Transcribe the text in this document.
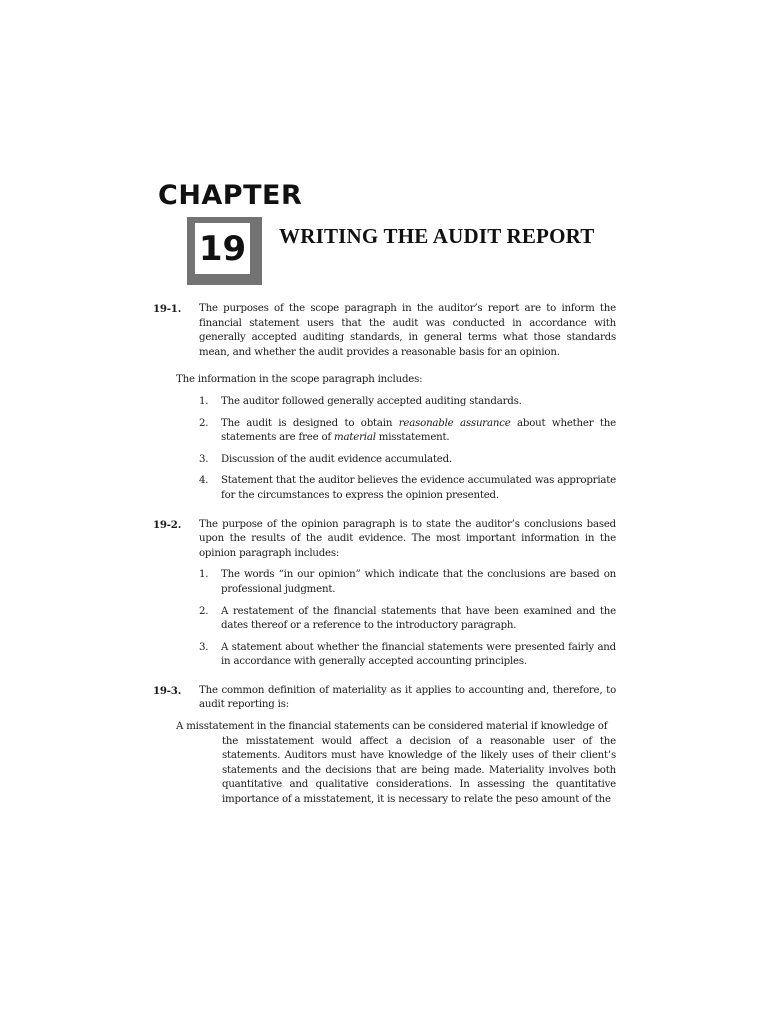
CHAPTER
19 WRITING THE AUDIT REPORT
19-1. The purposes of the scope paragraph in the auditor’s report are to inform the financial statement users that the audit was conducted in accordance with generally accepted auditing standards, in general terms what those standards mean, and whether the audit provides a reasonable basis for an opinion.

The information in the scope paragraph includes:

1. The auditor followed generally accepted auditing standards.
2. The audit is designed to obtain reasonable assurance about whether the statements are free of material misstatement.
3. Discussion of the audit evidence accumulated.
4. Statement that the auditor believes the evidence accumulated was appropriate for the circumstances to express the opinion presented.
19-2. The purpose of the opinion paragraph is to state the auditor’s conclusions based upon the results of the audit evidence. The most important information in the opinion paragraph includes:

1. The words “in our opinion” which indicate that the conclusions are based on professional judgment.
2. A restatement of the financial statements that have been examined and the dates thereof or a reference to the introductory paragraph.
3. A statement about whether the financial statements were presented fairly and in accordance with generally accepted accounting principles.
19-3. The common definition of materiality as it applies to accounting and, therefore, to audit reporting is:

A misstatement in the financial statements can be considered material if knowledge of

the misstatement would affect a decision of a reasonable user of the statements. Auditors must have knowledge of the likely uses of their client’s statements and the decisions that are being made. Materiality involves both quantitative and qualitative considerations. In assessing the quantitative importance of a misstatement, it is necessary to relate the peso amount of the
